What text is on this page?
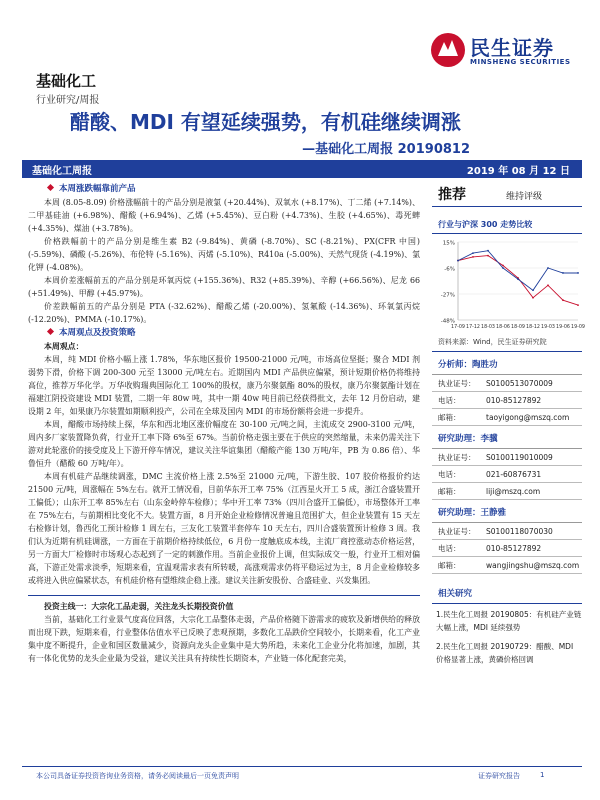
民生证券
MINSHENG SECURITIES
基础化工
行业研究/周报
醋酸、MDI 有望延续强势，有机硅继续调涨
—基础化工周报 20190812
基础化工周报	2019 年 08 月 12 日
本周涨跌幅靠前产品

本周 (8.05-8.09) 价格涨幅前十的产品分别是液氯 (+20.44%)、双氧水 (+8.17%)、丁二烯 (+7.14%)、二甲基硅油 (+6.98%)、醋酸 (+6.94%)、乙烯 (+5.45%)、豆白粉 (+4.73%)、生胶 (+4.65%)、毒死蜱 (+4.35%)、煤油 (+3.78%)。

价格跌幅前十的产品分别是维生素 B2 (-9.84%)、黄磷 (-8.70%)、SC (-8.21%)、PX(CFR 中国) (-5.59%)、磷酸 (-5.26%)、布伦特 (-5.16%)、丙烯 (-5.10%)、R410a (-5.00%)、天然气现货 (-4.19%)、氯化钾 (-4.08%)。

本周价差涨幅前五的产品分别是环氧丙烷 (+155.36%)、R32 (+85.39%)、辛醇 (+66.56%)、尼龙 66 (+51.49%)、甲醇 (+45.97%)。

价差跌幅前五的产品分别是 PTA (-32.62%)、醋酸乙烯 (-20.00%)、氢氟酸 (-14.36%)、环氧氯丙烷 (-12.20%)、PMMA (-10.17%)。

本周观点及投资策略

本周观点：

本周，纯 MDI 价格小幅上涨 1.78%，华东地区报价 19500-21000 元/吨，市场高位坚挺；聚合 MDI 剂弱势下滑，价格下调 200-300 元至 13000 元/吨左右。近期国内 MDI 产品供应偏紧，预计短期价格仍将维持高位，推荐万华化学。万华收购瑞典国际化工 100%的股权，康乃尔聚氨酯 80%的股权，康乃尔聚氨酯计划在福建江阴投资建设 MDI 装置，二期一年 80w 吨，其中一期 40w 吨目前已经获得批文，去年 12 月份启动，建设期 2 年，如果康乃尔装置如期顺利投产，公司在全球及国内 MDI 的市场份额将会进一步提升。

本周，醋酸市场持续上探，华东和西北地区涨价幅度在 30-100 元/吨之间，主流成交 2900-3100 元/吨，周内多厂家装置降负荷，行业开工率下降 6%至 67%。当前价格走强主要在于供应的突然缩量，未来仍需关注下游对此轮涨价的接受度及上下游开停车情况，建议关注华谊集团（醋酸产能 130 万吨/年，PB 为 0.86 倍）、华鲁恒升（醋酸 60 万吨/年）。

本周有机硅产品继续调涨，DMC 主流价格上涨 2.5%至 21000 元/吨，下游生胶、107 胶价格报价约达 21500 元/吨，周涨幅在 5%左右。就开工情况看，目前华东开工率 75%（江西星火开工 5 成，浙江合盛装置开工偏低）；山东开工率 85%左右（山东金岭停车检修）；华中开工率 73%（四川合盛开工偏低），市场整体开工率在 75%左右，与前期相比变化不大。装置方面，8 月开始企业检修情况普遍且范围扩大，但企业装置有 15 天左右检修计划，鲁西化工预计检修 1 周左右，三友化工装置半套停车 10 天左右，四川合盛装置预计检修 3 周。我们认为近期有机硅调涨，一方面在于前期价格持续低位，6 月份一度触底成本线，主流厂商控涨动态价格运营，另一方面大厂检修时市场观心态起到了一定的刺激作用。当前企业报价上调，但实际成交一般，行业开工相对偏高，下游正处需求淡季，短期来看，宜温观需求表有所转暖，高涨观需求仍将平稳运过为主，8 月企业检修较多或将进入供应偏紧状态，有机硅价格有望维续企稳上涨。建议关注新安股份、合盛硅业、兴发集团。

投资主线一：大宗化工品走弱，关注龙头长期投资价值

当前，基础化工行业景气度高位回落，大宗化工品整体走弱，产品价格随下游需求的疲软及新增供给的释放而出现下跌，短期来看，行业整体估值水平已反映了悲观预期，多数化工品跌价空间较小，长期来看，化工产业集中度不断提升，企业和国区数量减少，资源向龙头企业集中是大势所趋，未来化工企业分化将加速，加剧，其有一体化优势的龙头企业最为受益，建议关注具有持续性长期资本，产业链一体化配套完美，

推荐	维持评级
行业与沪深 300 走势比较
15%
-6%
-27%
-48%
17-09 17-12 18-03 18-06 18-09 18-12 19-03 19-06 19-09
资料来源：Wind，民生证券研究院
分析师：陶胜功
执业证号： S0100513070009
电话：	010-85127892
邮箱：	taoyigong@mszq.com
研究助理：李骥
执业证号： S0100119010009
电话：	021-60876731
邮箱：	liji@mszq.com
研究助理：王静雅
执业证号： S0100118070030
电话：	010-85127892
邮箱：	wangjingshu@mszq.com
相关研究
1.民生化工周报 20190805：有机硅产业链大幅上涨，MDI 延续强势
2.民生化工周报 20190729：醋酸、MDI 价格显著上涨，黄磷价格回调
本公司具备证券投资咨询业务资格，请务必阅读最后一页免责声明	证券研究报告	1
